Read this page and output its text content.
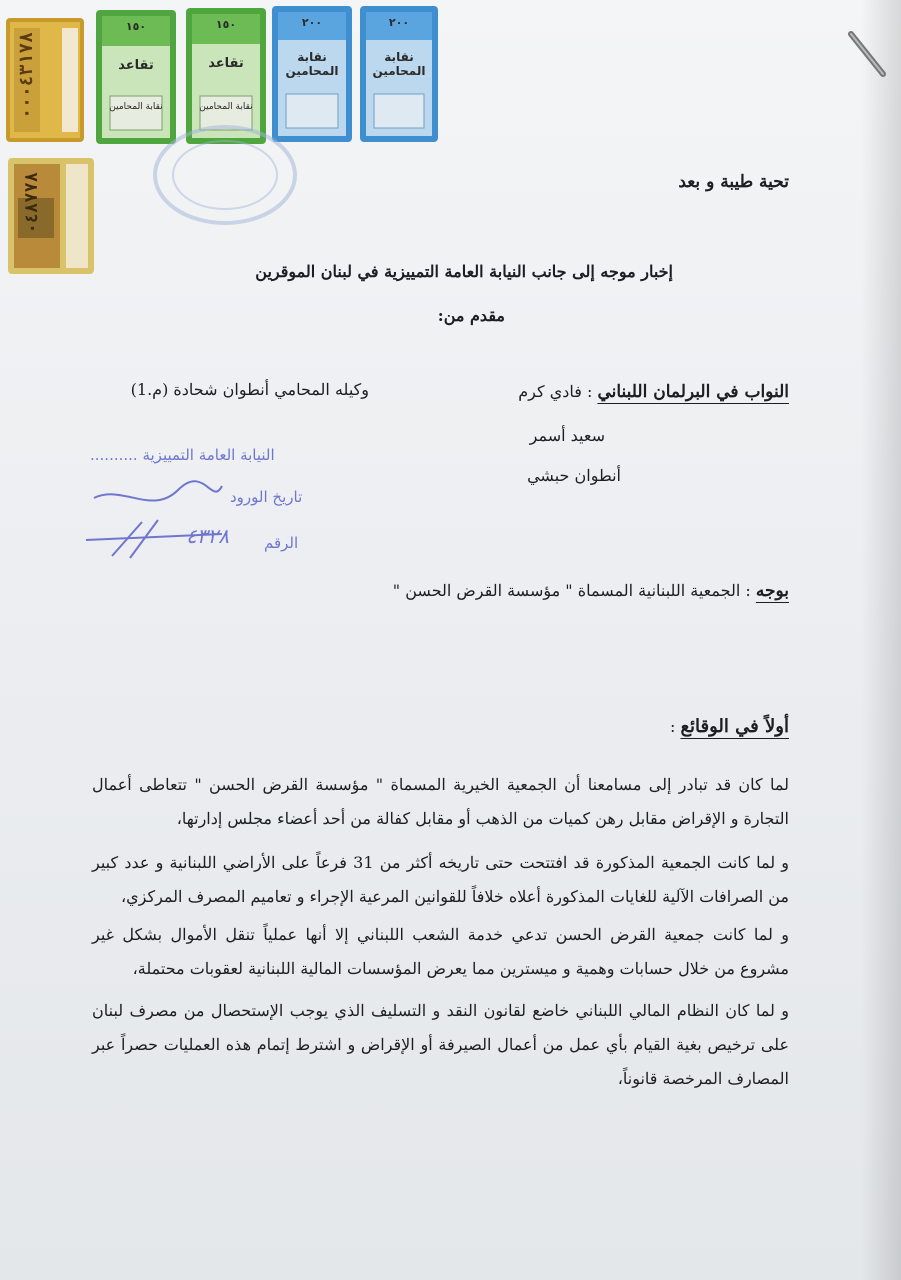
٠٠٠٤٣١٧٨
٠٤٨٧٧٨
١٥٠
تقاعد
نقابة المحامين
١٥٠
تقاعد
نقابة المحامين
٢٠٠
نقابة المحامين
٢٠٠
نقابة المحامين
تحية طيبة و بعد
إخبار موجه إلى جانب النيابة العامة التمييزية في لبنان الموقرين
مقدم من:
النواب في البرلمان اللبناني : فادي كرم
وكيله المحامي أنطوان شحادة (م.1)
سعيد أسمر
أنطوان حبشي
النيابة العامة التمييزية ..........
تاريخ الورود
الرقم
٤٣٢٨
بوجه : الجمعية اللبنانية المسماة " مؤسسة القرض الحسن "
أولاً في الوقائع :
لما كان قد تبادر إلى مسامعنا أن الجمعية الخيرية المسماة " مؤسسة القرض الحسن " تتعاطى أعمال التجارة و الإقراض مقابل رهن كميات من الذهب أو مقابل كفالة من أحد أعضاء مجلس إدارتها،
و لما كانت الجمعية المذكورة قد افتتحت حتى تاريخه أكثر من 31 فرعاً على الأراضي اللبنانية و عدد كبير من الصرافات الآلية للغايات المذكورة أعلاه خلافاً للقوانين المرعية الإجراء و تعاميم المصرف المركزي،
و لما كانت جمعية القرض الحسن تدعي خدمة الشعب اللبناني إلا أنها عملياً تنقل الأموال بشكل غير مشروع من خلال حسابات وهمية و ميسترين مما يعرض المؤسسات المالية اللبنانية لعقوبات محتملة،
و لما كان النظام المالي اللبناني خاضع لقانون النقد و التسليف الذي يوجب الإستحصال من مصرف لبنان على ترخيص بغية القيام بأي عمل من أعمال الصيرفة أو الإقراض و اشترط إتمام هذه العمليات حصراً عبر المصارف المرخصة قانوناً،
